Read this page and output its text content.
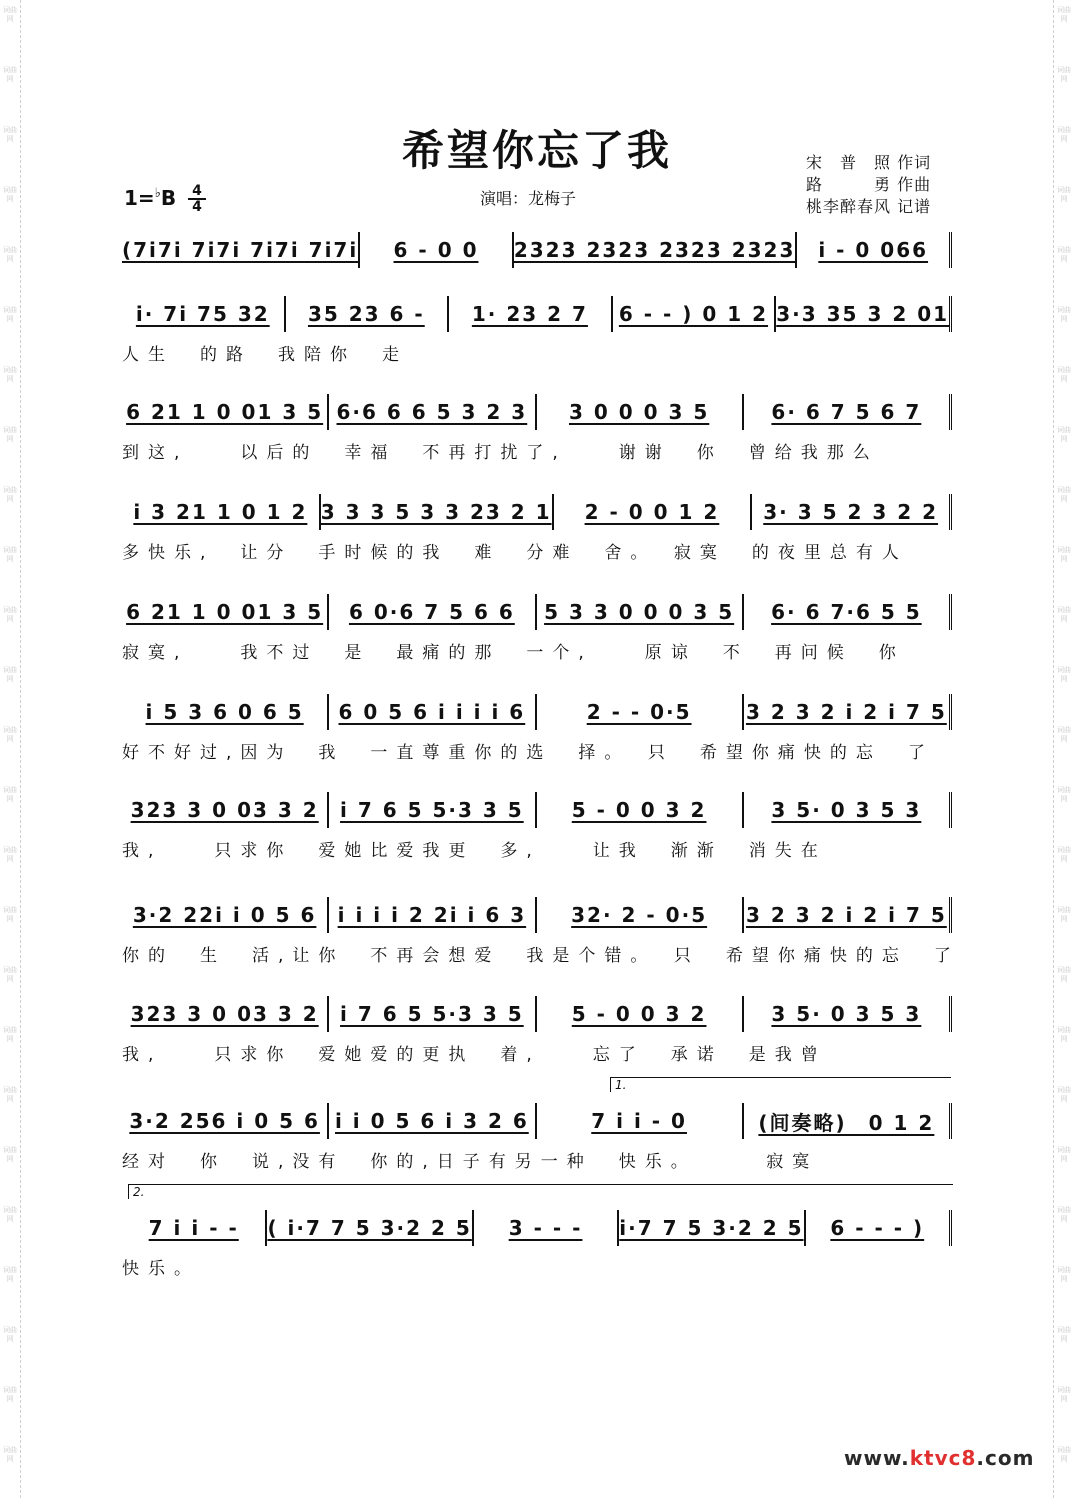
词曲网
词曲网
词曲网
词曲网
词曲网
词曲网
词曲网
词曲网
词曲网
词曲网
词曲网
词曲网
词曲网
词曲网
词曲网
词曲网
词曲网
词曲网
词曲网
词曲网
词曲网
词曲网
词曲网
词曲网
词曲网
词曲网
词曲网
词曲网
词曲网
词曲网
词曲网
词曲网
词曲网
词曲网
词曲网
词曲网
词曲网
词曲网
词曲网
词曲网
词曲网
词曲网
词曲网
词曲网
词曲网
词曲网
词曲网
词曲网
词曲网
词曲网
希望你忘了我
1=♭B 4
4	演唱：龙梅子
宋　普　照 作词
路　　　勇 作曲
桃李醉春风 记谱
(7i7i 7i7i 7i7i 7i7i 6 - 0 0 2323 2323 2323 2323 i - 0 066
i· 7i 75 32 35 23 6 - 1· 23 2 7 6 - - ) 0 1 2 3·3 35 3 2 01
人生　的路　我陪你　走
6 21 1 0 01 3 5 6·6 6 6 5 3 2 3 3 0 0 0 3 5	6· 6 7 5 6 7
到这,　　以后的　幸福　不再打扰了,　　谢谢　你　曾给我那么
i 3 21 1 0 1 2 3 3 3 5 3 3 23 2 1 2 - 0 0 1 2 3· 3 5 2 3 2 2
多快乐,　让分　手时候的我　难　分难　舍。　寂寞　的夜里总有人
6 21 1 0 01 3 5 6 0·6 7 5 6 6 5 3 3 0 0 0 3 5 6· 6 7·6 5 5
寂寞,　　我不过　是　最痛的那　一个,　　原谅　不　再问候　你
i 5 3 6 0 6 5 6 0 5 6 i i i i 6	2 - - 0·5	3 2 3 2 i 2 i 7 5
好不好过,因为　我　一直尊重你的选　择。　只　希望你痛快的忘　了
323 3 0 03 3 2 i 7 6 5 5·3 3 5 5 - 0 0 3 2	3 5· 0 3 5 3
我,　　只求你　爱她比爱我更　多,　　让我　渐渐　消失在
3·2 22i i 0 5 6 i i i i 2 2i i 6 3 32· 2 - 0·5 3 2 3 2 i 2 i 7 5
你的　生　活,让你　不再会想爱　我是个错。　只　希望你痛快的忘　了
323 3 0 03 3 2 i 7 6 5 5·3 3 5 5 - 0 0 3 2	3 5· 0 3 5 3
我,　　只求你　爱她爱的更执　着,　　忘了　承诺　是我曾
1.
3·2 256 i 0 5 6 i i 0 5 6 i 3 2 6	7 i i - 0	(间奏略)　0 1 2
经对　你　说,没有　你的,日子有另一种　快乐。　　　寂寞
2.
7 i i - - ( i·7 7 5 3·2 2 5 3 - - - i·7 7 5 3·2 2 5 6 - - - )
快乐。
www.ktvc8.com
